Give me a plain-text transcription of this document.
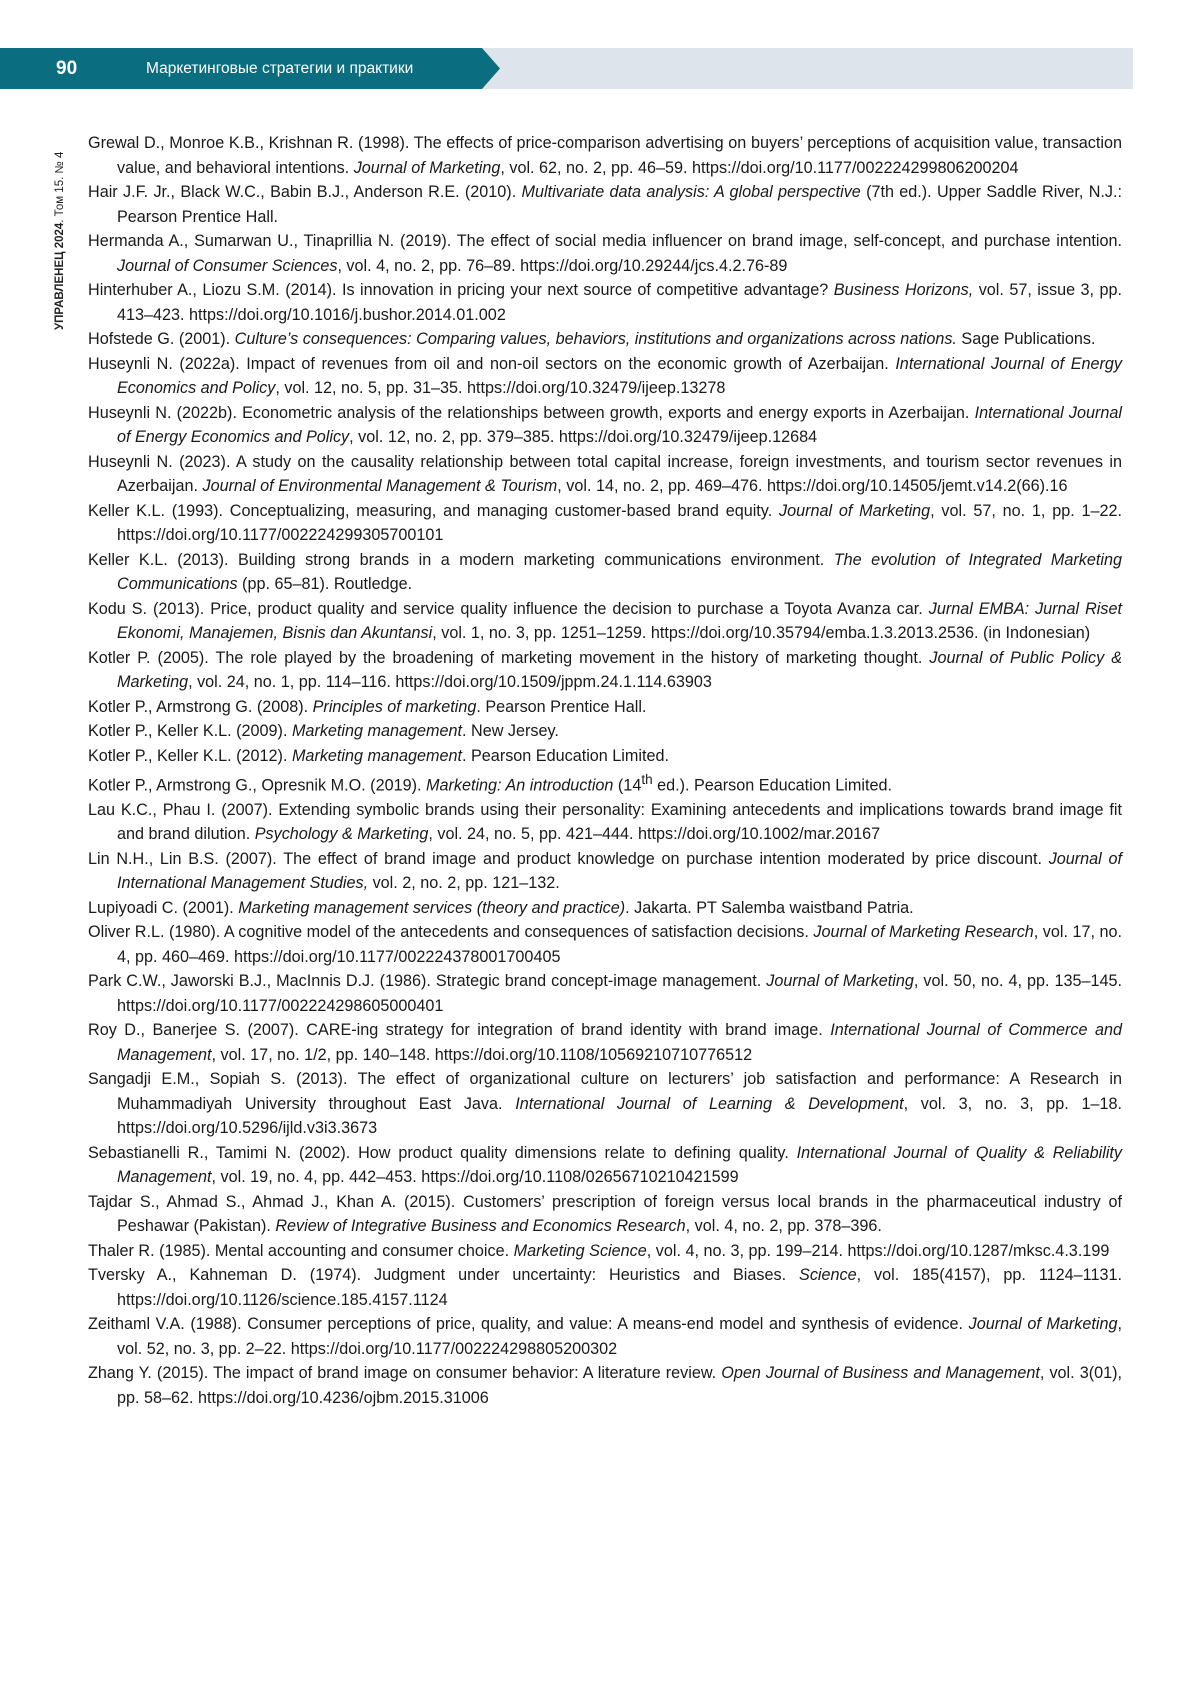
90	Маркетинговые стратегии и практики
УПРАВЛЕНЕЦ 2024. Том 15. № 4
Grewal D., Monroe K.B., Krishnan R. (1998). The effects of price-comparison advertising on buyers’ perceptions of acquisition value, transaction value, and behavioral intentions. Journal of Marketing, vol. 62, no. 2, pp. 46–59. https://doi.org/10.1177/002224299806200204
Hair J.F. Jr., Black W.C., Babin B.J., Anderson R.E. (2010). Multivariate data analysis: A global perspective (7th ed.). Upper Saddle River, N.J.: Pearson Prentice Hall.
Hermanda A., Sumarwan U., Tinaprillia N. (2019). The effect of social media influencer on brand image, self-concept, and purchase intention. Journal of Consumer Sciences, vol. 4, no. 2, pp. 76–89. https://doi.org/10.29244/jcs.4.2.76-89
Hinterhuber A., Liozu S.M. (2014). Is innovation in pricing your next source of competitive advantage? Business Horizons, vol. 57, issue 3, pp. 413–423. https://doi.org/10.1016/j.bushor.2014.01.002
Hofstede G. (2001). Culture’s consequences: Comparing values, behaviors, institutions and organizations across nations. Sage Publications.
Huseynli N. (2022a). Impact of revenues from oil and non-oil sectors on the economic growth of Azerbaijan. International Journal of Energy Economics and Policy, vol. 12, no. 5, pp. 31–35. https://doi.org/10.32479/ijeep.13278
Huseynli N. (2022b). Econometric analysis of the relationships between growth, exports and energy exports in Azerbaijan. International Journal of Energy Economics and Policy, vol. 12, no. 2, pp. 379–385. https://doi.org/10.32479/ijeep.12684
Huseynli N. (2023). A study on the causality relationship between total capital increase, foreign investments, and tourism sector revenues in Azerbaijan. Journal of Environmental Management & Tourism, vol. 14, no. 2, pp. 469–476. https://doi.org/10.14505/jemt.v14.2(66).16
Keller K.L. (1993). Conceptualizing, measuring, and managing customer-based brand equity. Journal of Marketing, vol. 57, no. 1, pp. 1–22. https://doi.org/10.1177/002224299305700101
Keller K.L. (2013). Building strong brands in a modern marketing communications environment. The evolution of Integrated Marketing Communications (pp. 65–81). Routledge.
Kodu S. (2013). Price, product quality and service quality influence the decision to purchase a Toyota Avanza car. Jurnal EMBA: Jurnal Riset Ekonomi, Manajemen, Bisnis dan Akuntansi, vol. 1, no. 3, pp. 1251–1259. https://doi.org/10.35794/emba.1.3.2013.2536. (in Indonesian)
Kotler P. (2005). The role played by the broadening of marketing movement in the history of marketing thought. Journal of Public Policy & Marketing, vol. 24, no. 1, pp. 114–116. https://doi.org/10.1509/jppm.24.1.114.63903
Kotler P., Armstrong G. (2008). Principles of marketing. Pearson Prentice Hall.
Kotler P., Keller K.L. (2009). Marketing management. New Jersey.
Kotler P., Keller K.L. (2012). Marketing management. Pearson Education Limited.
Kotler P., Armstrong G., Opresnik M.O. (2019). Marketing: An introduction (14th ed.). Pearson Education Limited.
Lau K.C., Phau I. (2007). Extending symbolic brands using their personality: Examining antecedents and implications towards brand image fit and brand dilution. Psychology & Marketing, vol. 24, no. 5, pp. 421–444. https://doi.org/10.1002/mar.20167
Lin N.H., Lin B.S. (2007). The effect of brand image and product knowledge on purchase intention moderated by price discount. Journal of International Management Studies, vol. 2, no. 2, pp. 121–132.
Lupiyoadi C. (2001). Marketing management services (theory and practice). Jakarta. PT Salemba waistband Patria.
Oliver R.L. (1980). A cognitive model of the antecedents and consequences of satisfaction decisions. Journal of Marketing Research, vol. 17, no. 4, pp. 460–469. https://doi.org/10.1177/002224378001700405
Park C.W., Jaworski B.J., MacInnis D.J. (1986). Strategic brand concept-image management. Journal of Marketing, vol. 50, no. 4, pp. 135–145. https://doi.org/10.1177/002224298605000401
Roy D., Banerjee S. (2007). CARE-ing strategy for integration of brand identity with brand image. International Journal of Commerce and Management, vol. 17, no. 1/2, pp. 140–148. https://doi.org/10.1108/10569210710776512
Sangadji E.M., Sopiah S. (2013). The effect of organizational culture on lecturers’ job satisfaction and performance: A Research in Muhammadiyah University throughout East Java. International Journal of Learning & Development, vol. 3, no. 3, pp. 1–18. https://doi.org/10.5296/ijld.v3i3.3673
Sebastianelli R., Tamimi N. (2002). How product quality dimensions relate to defining quality. International Journal of Quality & Reliability Management, vol. 19, no. 4, pp. 442–453. https://doi.org/10.1108/02656710210421599
Tajdar S., Ahmad S., Ahmad J., Khan A. (2015). Customers’ prescription of foreign versus local brands in the pharmaceutical industry of Peshawar (Pakistan). Review of Integrative Business and Economics Research, vol. 4, no. 2, pp. 378–396.
Thaler R. (1985). Mental accounting and consumer choice. Marketing Science, vol. 4, no. 3, pp. 199–214. https://doi.org/10.1287/mksc.4.3.199
Tversky A., Kahneman D. (1974). Judgment under uncertainty: Heuristics and Biases. Science, vol. 185(4157), pp. 1124–1131. https://doi.org/10.1126/science.185.4157.1124
Zeithaml V.A. (1988). Consumer perceptions of price, quality, and value: A means-end model and synthesis of evidence. Journal of Marketing, vol. 52, no. 3, pp. 2–22. https://doi.org/10.1177/002224298805200302
Zhang Y. (2015). The impact of brand image on consumer behavior: A literature review. Open Journal of Business and Management, vol. 3(01), pp. 58–62. https://doi.org/10.4236/ojbm.2015.31006
